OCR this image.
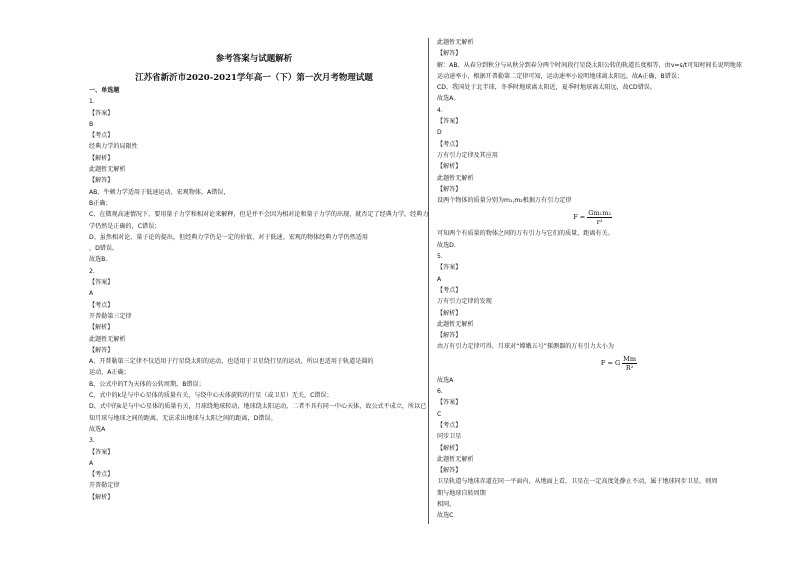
参考答案与试题解析
江苏省新沂市2020-2021学年高一（下）第一次月考物理试题
一、单选题
1.
【答案】
B
【考点】
经典力学的局限性
【解析】
此题暂无解析
【解答】
AB、牛顿力学适用于低速运动、宏观物体，A错误，
B正确；
C、在微观高速情况下，要用量子力学和相对论来解释，但是并不会因为相对论和量子力学的出现，就否定了经典力学，经典力
学仍然是正确的，C错误；
D、虽然相对论、量子论的提出，但经典力学仍是一定的价值，对于低速、宏观的物体经典力学仍然适用
，D错误。
故选B。
2.
【答案】
A
【考点】
开普勒第三定律
【解析】
此题暂无解析
【解答】
A、开普勒第三定律不仅适用于行星绕太阳的运动，也适用于卫星绕行星的运动，所以也适用于轨道是圆的
运动，A正确；
B、公式中的T为天体的公转周期，B错误；
C、式中的k是与中心星体的质量有关，与绕中心天体旋转的行星（或卫星）无关，C错误；
D、式中的k是与中心星体的质量有关，月球绕地球转动，地球绕太阳运动，二者不具有同一中心天体，故公式不成立，所以已
知月球与地球之间的距离，无法求出地球与太阳之间的距离，D错误。
故选A
3.
【答案】
A
【考点】
开普勒定律
【解析】
此题暂无解析
【解答】
解：AB、从春分到秋分与从秋分到春分两个时间段行星绕太阳公转的轨道长度相等，由v=s/t可知时间长说明地球
运动速率小，根据开普勒第二定律可知，运动速率小说明地球离太阳远，故A正确，B错误；
CD、我国处于北半球，冬季时地球离太阳近，夏季时地球离太阳远，故CD错误。
故选A。
4.
【答案】
D
【考点】
万有引力定律及其应用
【解析】
此题暂无解析
【解答】
设两个物体的质量分别为m₁,m₂根据万有引力定律
$F = \frac{\text{Gm₁m₂}}{\text{r²}}$
可知两个有质量的物体之间的万有引力与它们的质量，距离有关。
故选D.
5.
【答案】
A
【考点】
万有引力定律的发现
【解析】
此题暂无解析
【解答】
由万有引力定律可得，月球对“嫦娥五号”探测器的万有引力大小为
F = G $\frac{Mm}{\text{R²}}$
故选A
6.
【答案】
C
【考点】
同步卫星
【解析】
此题暂无解析
【解答】
卫星轨道与地球赤道在同一平面内，从地面上看，卫星在一定高度处静止不动，属于地球同步卫星，则周
期与地球自转周期
相同，
故选C
